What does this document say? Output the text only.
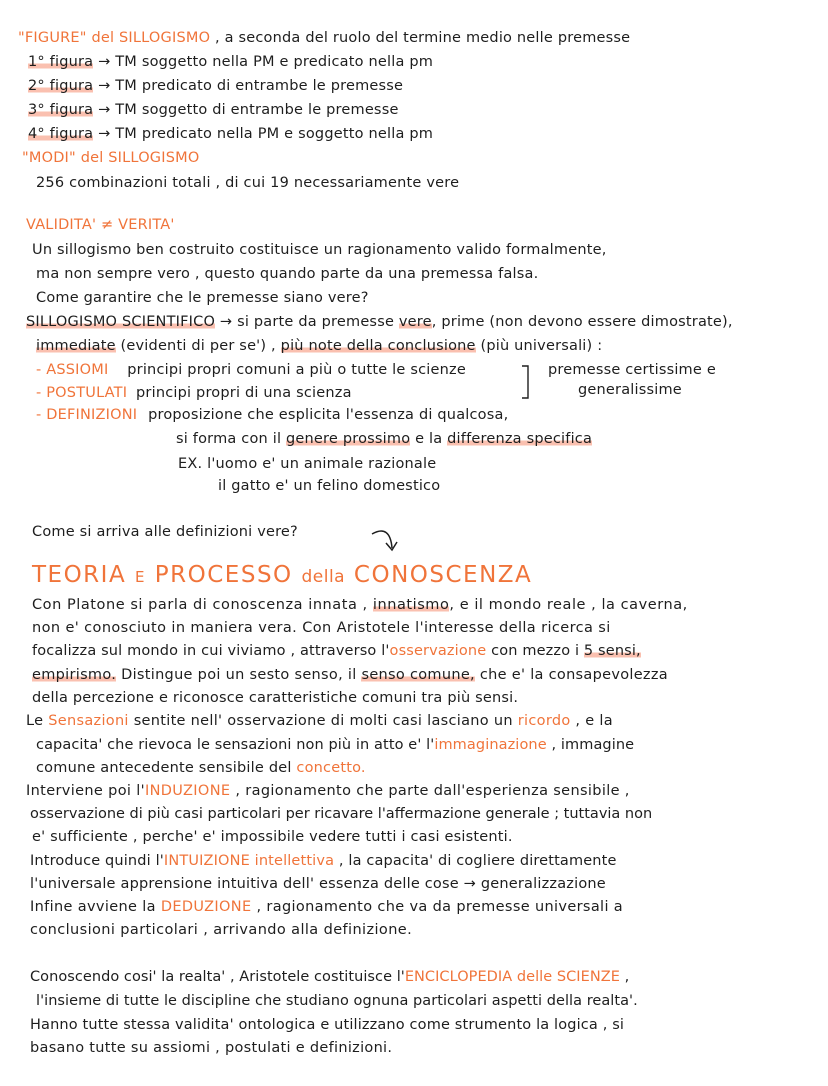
"FIGURE" del SILLOGISMO , a seconda del ruolo del termine medio nelle premesse
1° figura → TM soggetto nella PM e predicato nella pm
2° figura → TM predicato di entrambe le premesse
3° figura → TM soggetto di entrambe le premesse
4° figura → TM predicato nella PM e soggetto nella pm
"MODI" del SILLOGISMO
256 combinazioni totali , di cui 19 necessariamente vere
VALIDITA' ≠ VERITA'
Un sillogismo ben costruito costituisce un ragionamento valido formalmente,
ma non sempre vero , questo quando parte da una premessa falsa.
Come garantire che le premesse siano vere?
SILLOGISMO SCIENTIFICO → si parte da premesse vere, prime (non devono essere dimostrate),
immediate (evidenti di per se') , più note della conclusione (più universali) :
- ASSIOMI principi propri comuni a più o tutte le scienze
- POSTULATI principi propri di una scienza
premesse certissime e
generalissime
- DEFINIZIONI proposizione che esplicita l'essenza di qualcosa,
si forma con il genere prossimo e la differenza specifica
EX. l'uomo e' un animale razionale
il gatto e' un felino domestico
Come si arriva alle definizioni vere?
TEORIA E PROCESSO della CONOSCENZA
Con Platone si parla di conoscenza innata , innatismo, e il mondo reale , la caverna,
non e' conosciuto in maniera vera. Con Aristotele l'interesse della ricerca si
focalizza sul mondo in cui viviamo , attraverso l'osservazione con mezzo i 5 sensi,
empirismo. Distingue poi un sesto senso, il senso comune, che e' la consapevolezza
della percezione e riconosce caratteristiche comuni tra più sensi.
Le Sensazioni sentite nell' osservazione di molti casi lasciano un ricordo , e la
capacita' che rievoca le sensazioni non più in atto e' l'immaginazione , immagine
comune antecedente sensibile del concetto.
Interviene poi l'INDUZIONE , ragionamento che parte dall'esperienza sensibile ,
osservazione di più casi particolari per ricavare l'affermazione generale ; tuttavia non
e' sufficiente , perche' e' impossibile vedere tutti i casi esistenti.
Introduce quindi l'INTUIZIONE intellettiva , la capacita' di cogliere direttamente
l'universale apprensione intuitiva dell' essenza delle cose → generalizzazione
Infine avviene la DEDUZIONE , ragionamento che va da premesse universali a
conclusioni particolari , arrivando alla definizione.
Conoscendo cosi' la realta' , Aristotele costituisce l'ENCICLOPEDIA delle SCIENZE ,
l'insieme di tutte le discipline che studiano ognuna particolari aspetti della realta'.
Hanno tutte stessa validita' ontologica e utilizzano come strumento la logica , si
basano tutte su assiomi , postulati e definizioni.
